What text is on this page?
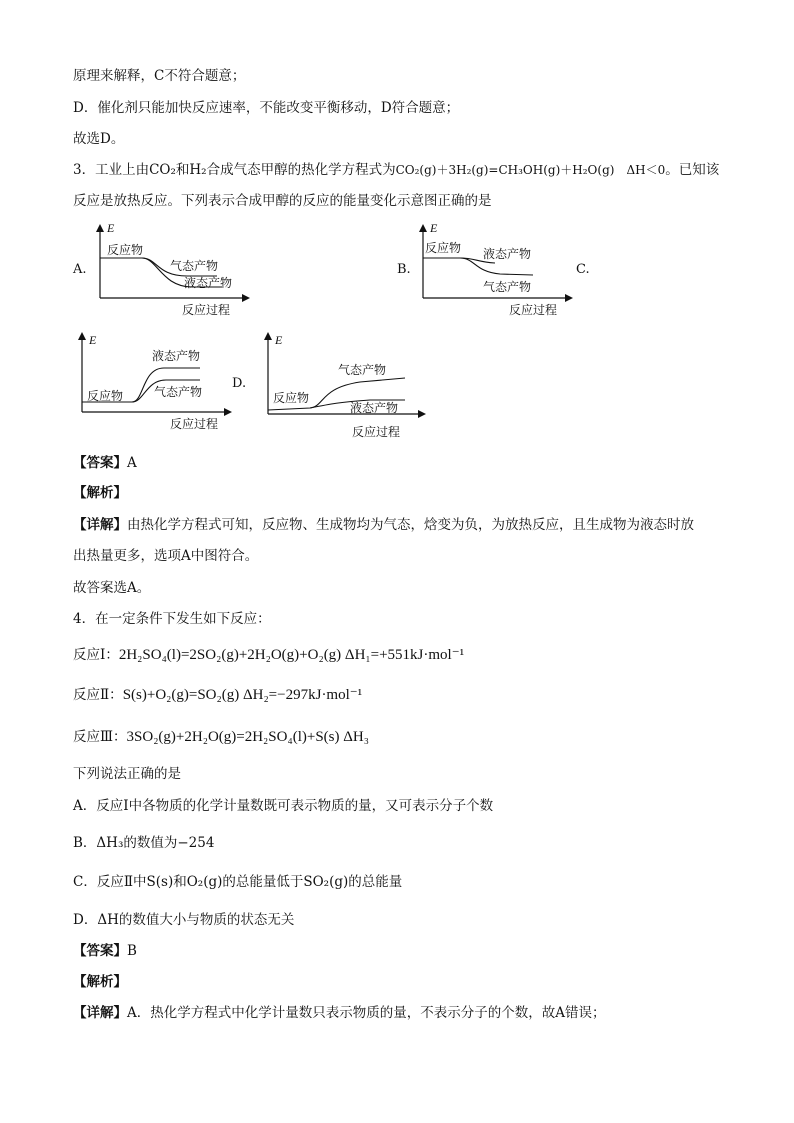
原理来解释，C不符合题意；
D．催化剂只能加快反应速率，不能改变平衡移动，D符合题意；
故选D。
3．工业上由CO₂和H₂合成气态甲醇的热化学方程式为CO₂(g)＋3H₂(g)=CH₃OH(g)＋H₂O(g)　ΔH＜0。已知该
反应是放热反应。下列表示合成甲醇的反应的能量变化示意图正确的是
A.
E
反应物
气态产物
液态产物
反应过程
B.
E
反应物 液态产物
气态产物
反应过程
C.
E
液态产物
反应物	气态产物
反应过程
D.
E
气态产物
反应物
液态产物
反应过程
【答案】A
【解析】
【详解】由热化学方程式可知，反应物、生成物均为气态，焓变为负，为放热反应，且生成物为液态时放
出热量更多，选项A中图符合。
故答案选A。
4．在一定条件下发生如下反应：
反应Ⅰ：2H₂SO₄(l)=2SO₂(g)+2H₂O(g)+O₂(g) ΔH₁=+551kJ·mol⁻¹
反应Ⅱ：S(s)+O₂(g)=SO₂(g) ΔH₂=−297kJ·mol⁻¹
反应Ⅲ：3SO₂(g)+2H₂O(g)=2H₂SO₄(l)+S(s) ΔH₃
下列说法正确的是
A．反应Ⅰ中各物质的化学计量数既可表示物质的量，又可表示分子个数
B．ΔH₃的数值为−254
C．反应Ⅱ中S(s)和O₂(g)的总能量低于SO₂(g)的总能量
D．ΔH的数值大小与物质的状态无关
【答案】B
【解析】
【详解】A．热化学方程式中化学计量数只表示物质的量，不表示分子的个数，故A错误；
